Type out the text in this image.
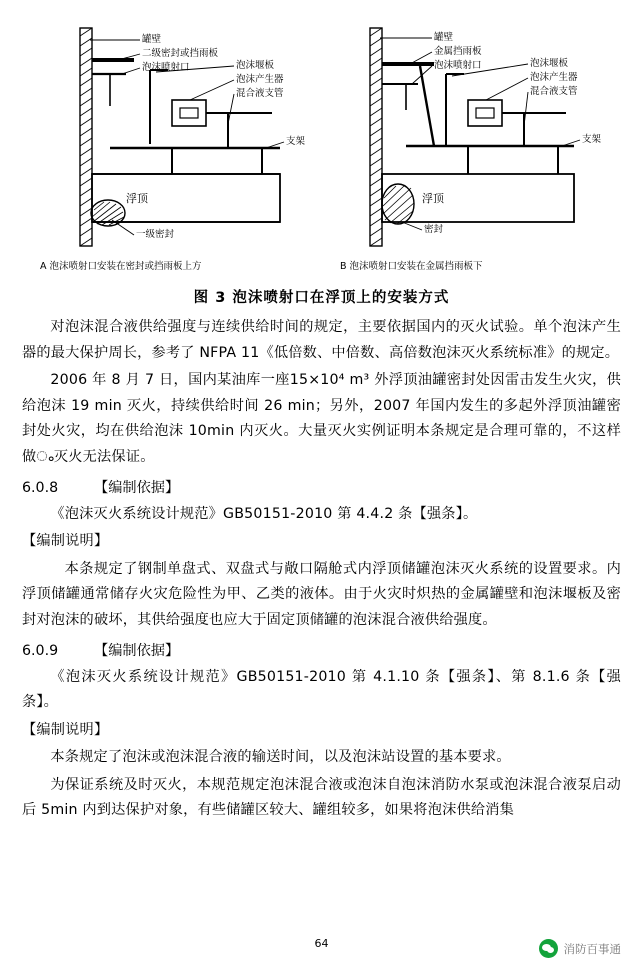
罐壁
二级密封或挡雨板
泡沫喷射口	泡沫堰板
泡沫产生器
混合液支管
支架
一级密封
浮顶
A 泡沫喷射口安装在密封或挡雨板上方
罐壁
金属挡雨板
泡沫喷射口	泡沫堰板
泡沫产生器
混合液支管
支架
密封
浮顶
B 泡沫喷射口安装在金属挡雨板下
图 3 泡沫喷射口在浮顶上的安装方式

对泡沫混合液供给强度与连续供给时间的规定，主要依据国内的灭火试验。单个泡沫产生器的最大保护周长，参考了 NFPA 11《低倍数、中倍数、高倍数泡沫灭火系统标准》的规定。

2006 年 8 月 7 日，国内某油库一座15×10⁴ m³ 外浮顶油罐密封处因雷击发生火灾，供给泡沫 19 min 灭火，持续供给时间 26 min；另外，2007 年国内发生的多起外浮顶油罐密封处火灾，均在供给泡沫 10min 内灭火。大量灭火实例证明本条规定是合理可靠的，不这样做ം灭火无法保证。

6.0.8	【编制依据】

《泡沫灭火系统设计规范》GB50151-2010 第 4.4.2 条【强条】。

【编制说明】

本条规定了钢制单盘式、双盘式与敞口隔舱式内浮顶储罐泡沫灭火系统的设置要求。内浮顶储罐通常储存火灾危险性为甲、乙类的液体。由于火灾时炽热的金属罐壁和泡沫堰板及密封对泡沫的破坏，其供给强度也应大于固定顶储罐的泡沫混合液供给强度。

6.0.9	【编制依据】

《泡沫灭火系统设计规范》GB50151-2010 第 4.1.10 条【强条】、第 8.1.6 条【强条】。

【编制说明】

本条规定了泡沫或泡沫混合液的输送时间，以及泡沫站设置的基本要求。

为保证系统及时灭火，本规范规定泡沫混合液或泡沫自泡沫消防水泵或泡沫混合液泵启动后 5min 内到达保护对象，有些储罐区较大、罐组较多，如果将泡沫供给消集

64	消防百事通
